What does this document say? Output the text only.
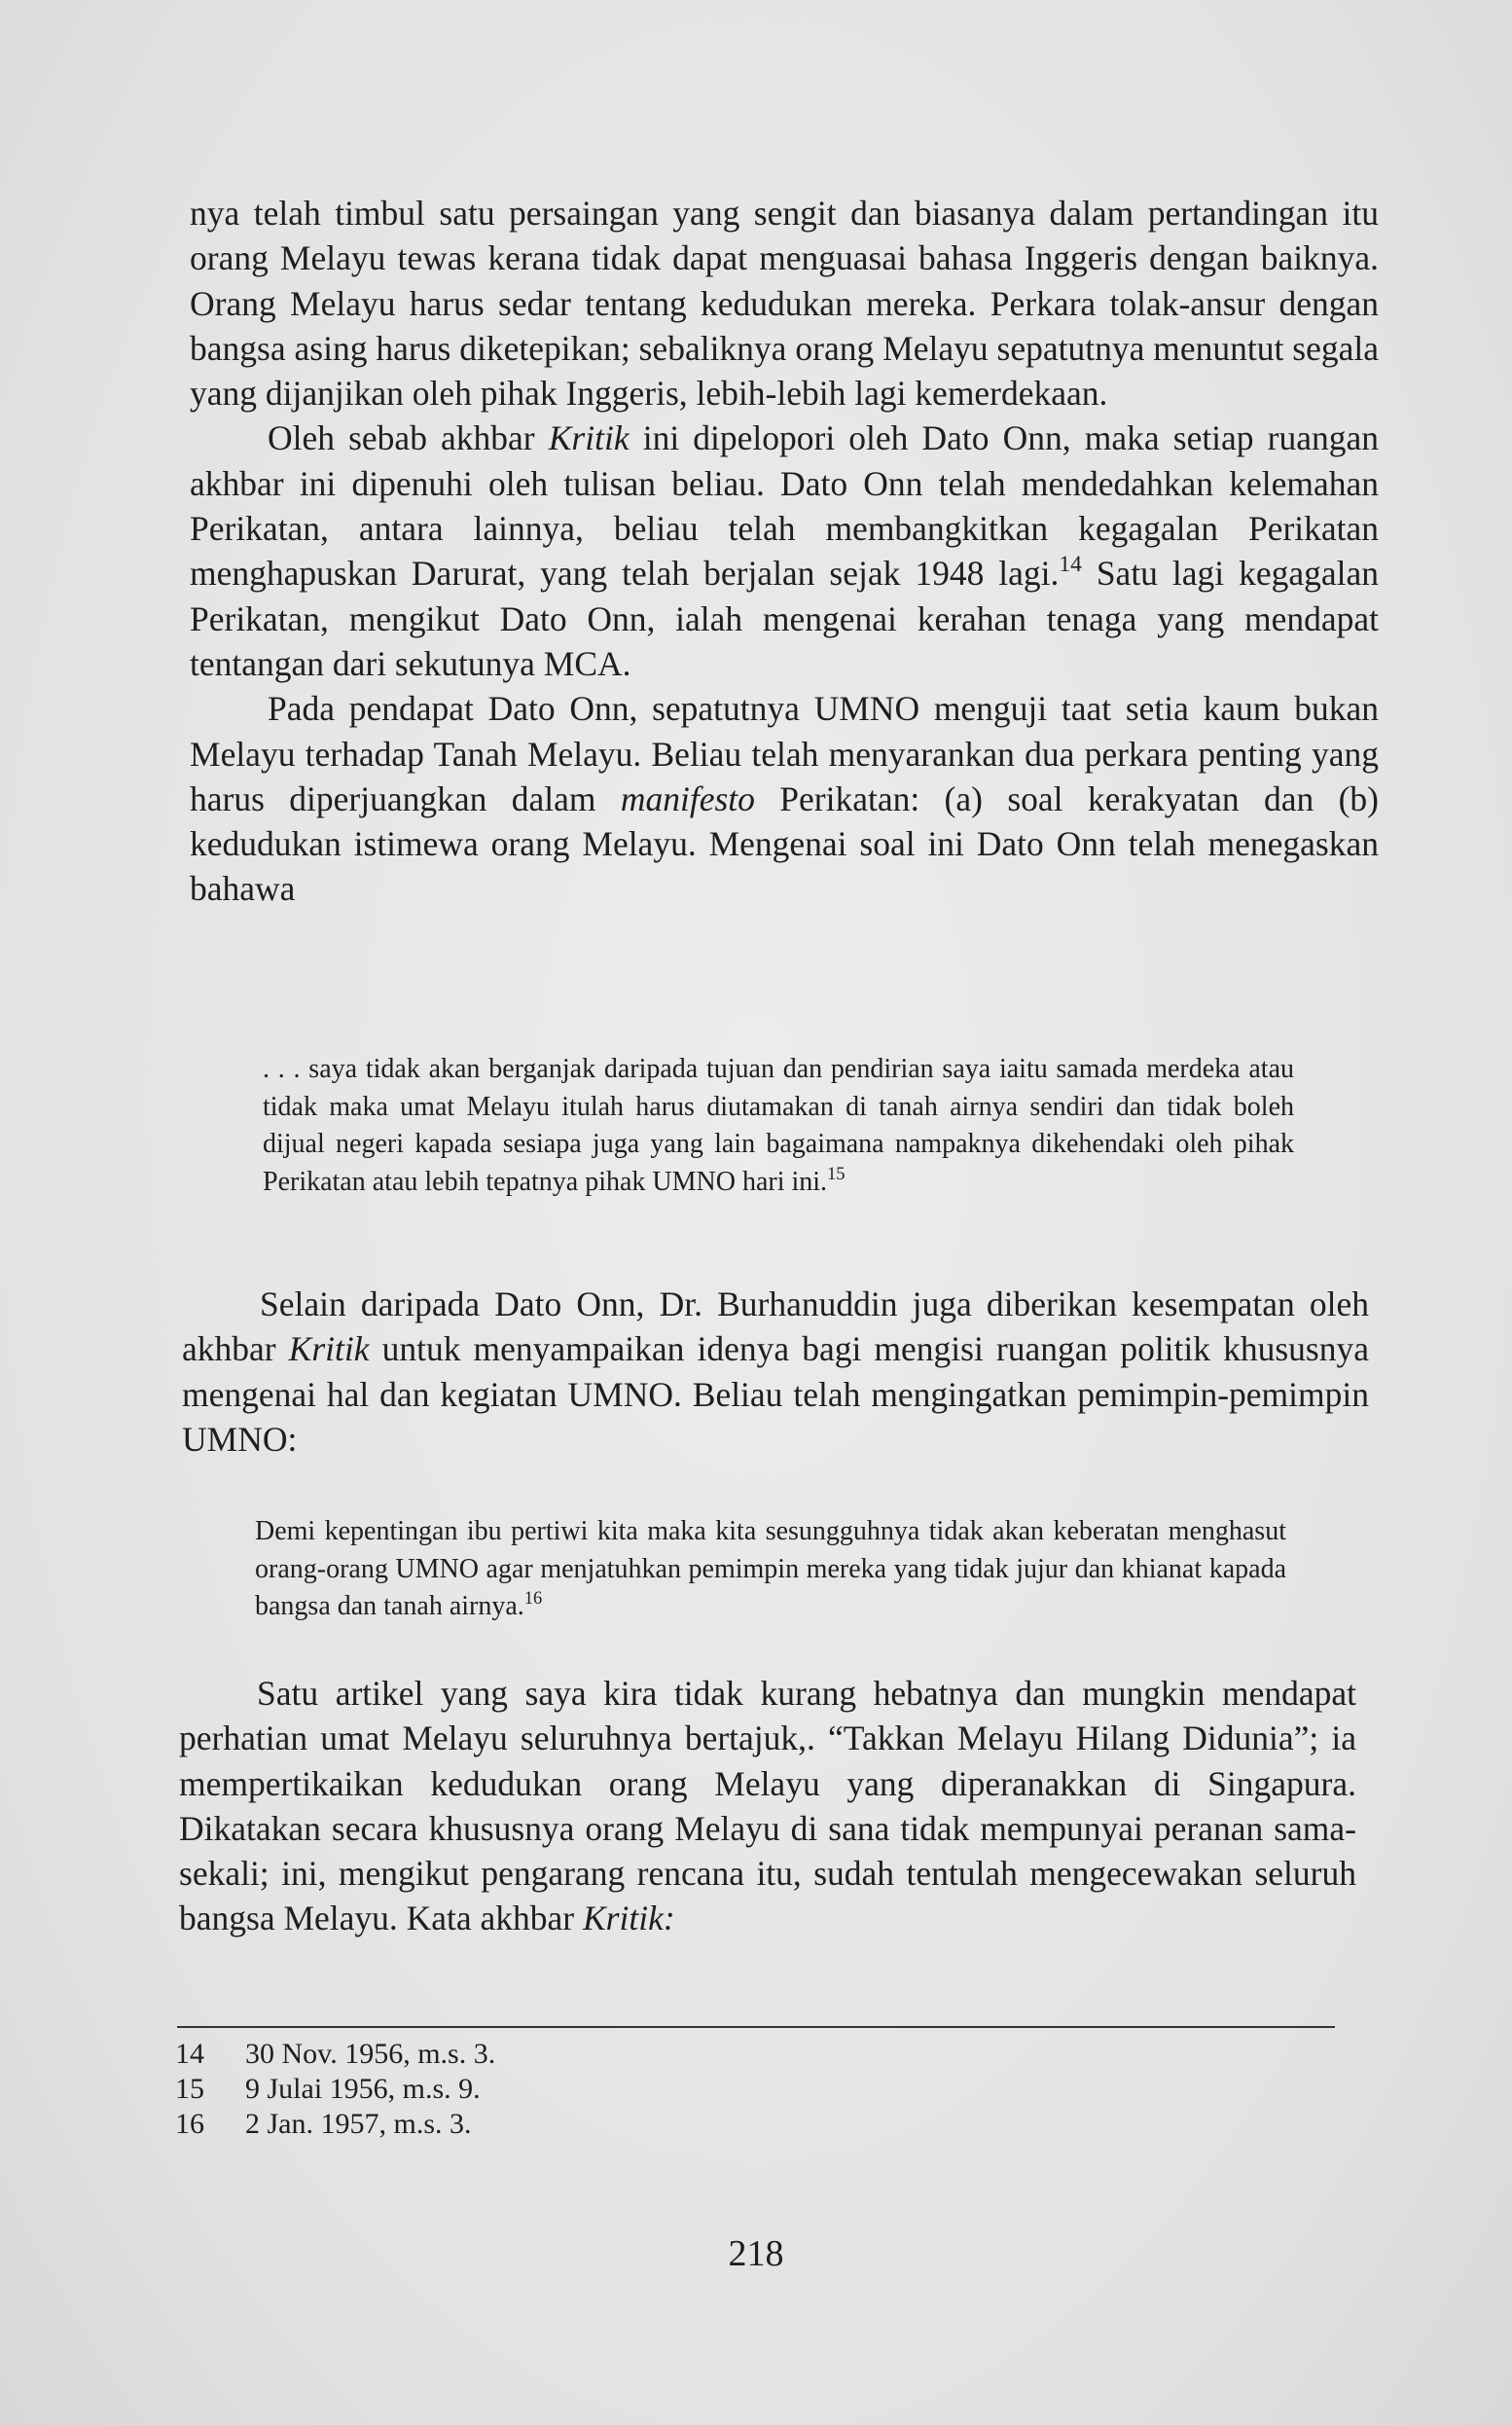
nya telah timbul satu persaingan yang sengit dan biasanya dalam pertandingan itu orang Melayu tewas kerana tidak dapat menguasai bahasa Inggeris dengan baiknya. Orang Melayu harus sedar tentang kedudukan mereka. Perkara tolak-ansur dengan bangsa asing harus diketepikan; sebaliknya orang Melayu sepatutnya menuntut segala yang dijanjikan oleh pihak Inggeris, lebih-lebih lagi kemerdekaan.

Oleh sebab akhbar Kritik ini dipelopori oleh Dato Onn, maka setiap ruangan akhbar ini dipenuhi oleh tulisan beliau. Dato Onn telah mendedahkan kelemahan Perikatan, antara lainnya, beliau telah membangkitkan kegagalan Perikatan menghapuskan Darurat, yang telah berjalan sejak 1948 lagi.$^{14}$ Satu lagi kegagalan Perikatan, mengikut Dato Onn, ialah mengenai kerahan tenaga yang mendapat tentangan dari sekutunya MCA.

Pada pendapat Dato Onn, sepatutnya UMNO menguji taat setia kaum bukan Melayu terhadap Tanah Melayu. Beliau telah menyarankan dua perkara penting yang harus diperjuangkan dalam manifesto Perikatan: (a) soal kerakyatan dan (b) kedudukan istimewa orang Melayu. Mengenai soal ini Dato Onn telah menegaskan bahawa

. . . saya tidak akan berganjak daripada tujuan dan pendirian saya iaitu samada merdeka atau tidak maka umat Melayu itulah harus diutamakan di tanah airnya sendiri dan tidak boleh dijual negeri kapada sesiapa juga yang lain bagaimana nampaknya dikehendaki oleh pihak Perikatan atau lebih tepatnya pihak UMNO hari ini.$^{15}$

Selain daripada Dato Onn, Dr. Burhanuddin juga diberikan kesempatan oleh akhbar Kritik untuk menyampaikan idenya bagi mengisi ruangan politik khususnya mengenai hal dan kegiatan UMNO. Beliau telah mengingatkan pemimpin-pemimpin UMNO:

Demi kepentingan ibu pertiwi kita maka kita sesungguhnya tidak akan keberatan menghasut orang-orang UMNO agar menjatuhkan pemimpin mereka yang tidak jujur dan khianat kapada bangsa dan tanah airnya.$^{16}$

Satu artikel yang saya kira tidak kurang hebatnya dan mungkin mendapat perhatian umat Melayu seluruhnya bertajuk,. “Takkan Melayu Hilang Didunia”; ia mempertikaikan kedudukan orang Melayu yang diperanakkan di Singapura. Dikatakan secara khususnya orang Melayu di sana tidak mempunyai peranan sama-sekali; ini, mengikut pengarang rencana itu, sudah tentulah mengecewakan seluruh bangsa Melayu. Kata akhbar Kritik:

14	30 Nov. 1956, m.s. 3.
15	9 Julai 1956, m.s. 9.
16	2 Jan. 1957, m.s. 3.
218
